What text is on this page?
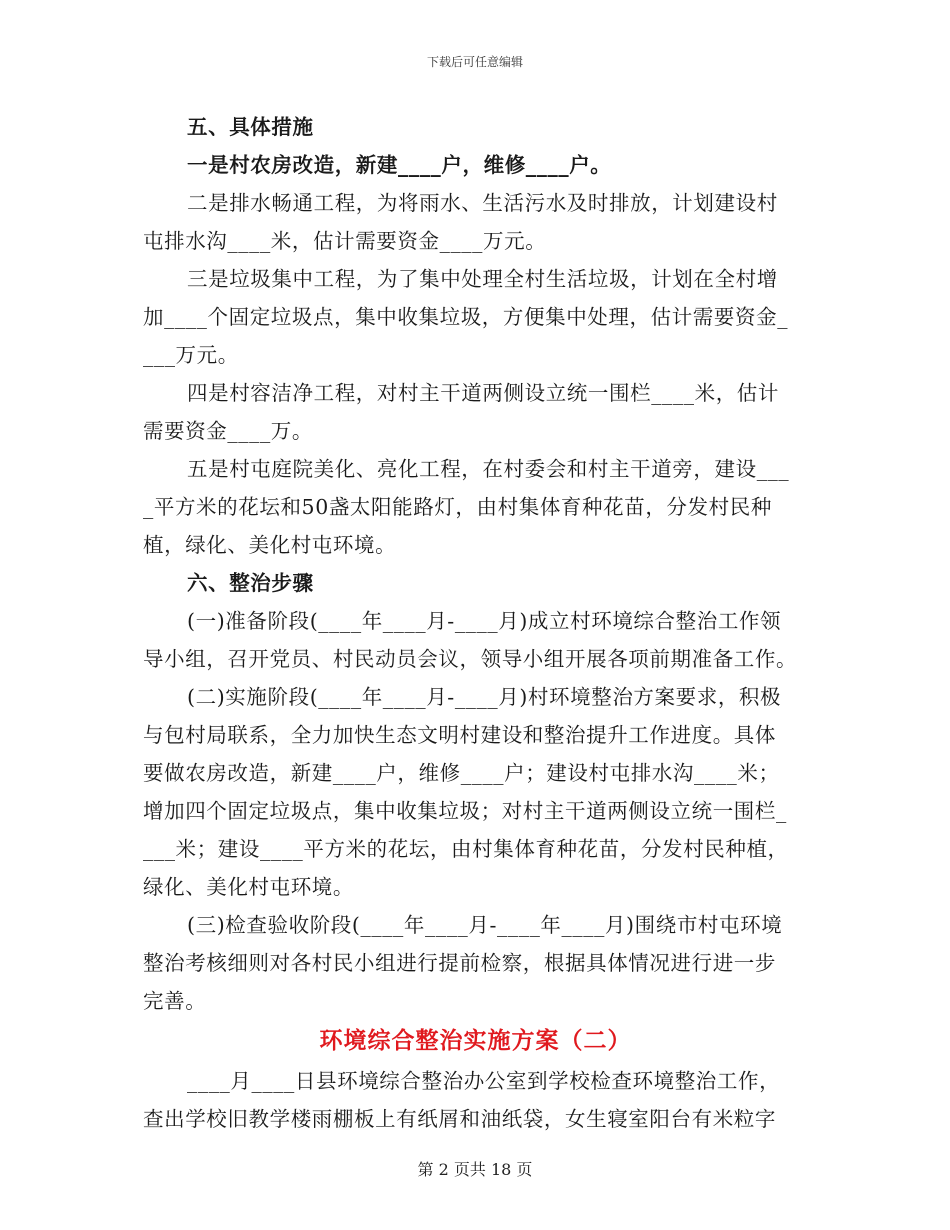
下载后可任意编辑
五、具体措施
一是村农房改造，新建____户，维修____户。
二是排水畅通工程，为将雨水、生活污水及时排放，计划建设村
屯排水沟____米，估计需要资金____万元。
三是垃圾集中工程，为了集中处理全村生活垃圾，计划在全村增
加____个固定垃圾点，集中收集垃圾，方便集中处理，估计需要资金_
___万元。
四是村容洁净工程，对村主干道两侧设立统一围栏____米，估计
需要资金____万。
五是村屯庭院美化、亮化工程，在村委会和村主干道旁，建设___
_平方米的花坛和50盏太阳能路灯，由村集体育种花苗，分发村民种
植，绿化、美化村屯环境。
六、整治步骤
(一)准备阶段(____年____月-____月)成立村环境综合整治工作领
导小组，召开党员、村民动员会议，领导小组开展各项前期准备工作。
(二)实施阶段(____年____月-____月)村环境整治方案要求，积极
与包村局联系，全力加快生态文明村建设和整治提升工作进度。具体
要做农房改造，新建____户，维修____户；建设村屯排水沟____米；
增加四个固定垃圾点，集中收集垃圾；对村主干道两侧设立统一围栏_
___米；建设____平方米的花坛，由村集体育种花苗，分发村民种植，
绿化、美化村屯环境。
(三)检查验收阶段(____年____月-____年____月)围绕市村屯环境
整治考核细则对各村民小组进行提前检察，根据具体情况进行进一步
完善。
环境综合整治实施方案（二）
____月____日县环境综合整治办公室到学校检查环境整治工作，
查出学校旧教学楼雨棚板上有纸屑和油纸袋，女生寝室阳台有米粒字
第 2 页共 18 页
